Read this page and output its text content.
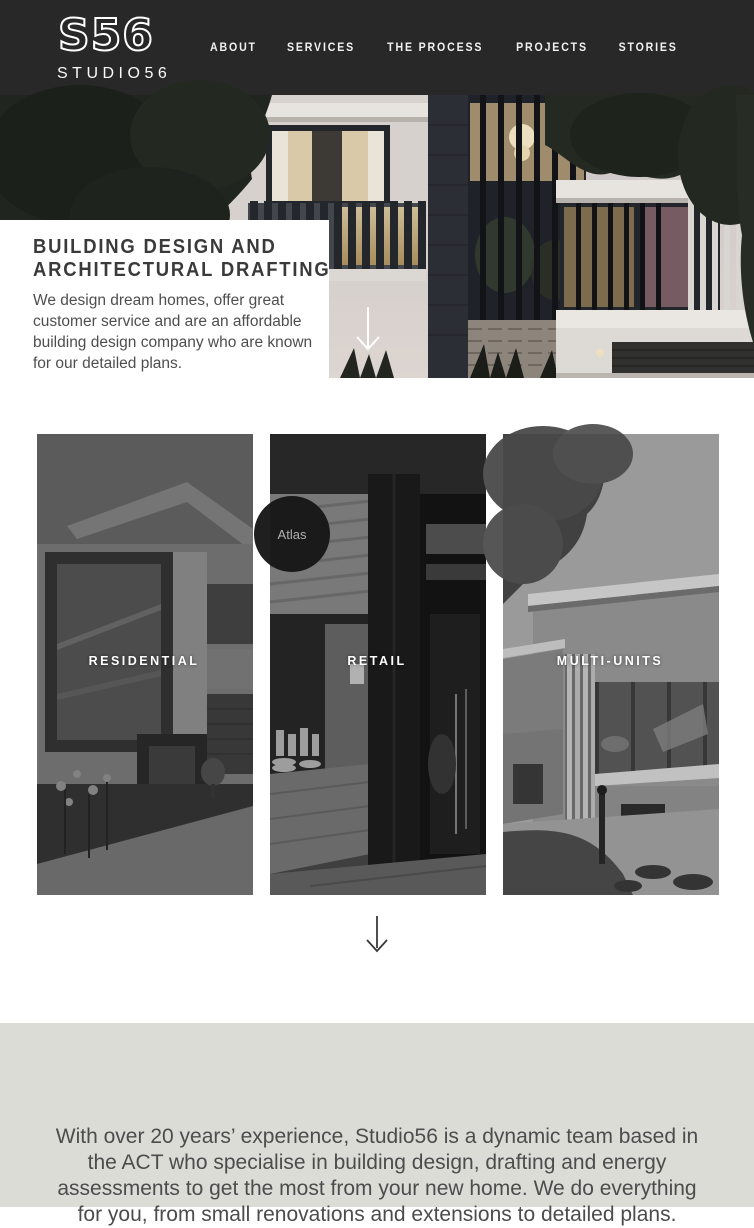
S56
STUDIO56
ABOUT	SERVICES	THE PROCESS	PROJECTS	STORIES
BUILDING DESIGN AND
ARCHITECTURAL DRAFTING
We design dream homes, offer great customer service and are an affordable building design company who are known for our detailed plans.
RESIDENTIAL
Atlas
RETAIL	MULTI-UNITS
With over 20 years’ experience, Studio56 is a dynamic team based in
the ACT who specialise in building design, drafting and energy
assessments to get the most from your new home. We do everything
for you, from small renovations and extensions to detailed plans.
